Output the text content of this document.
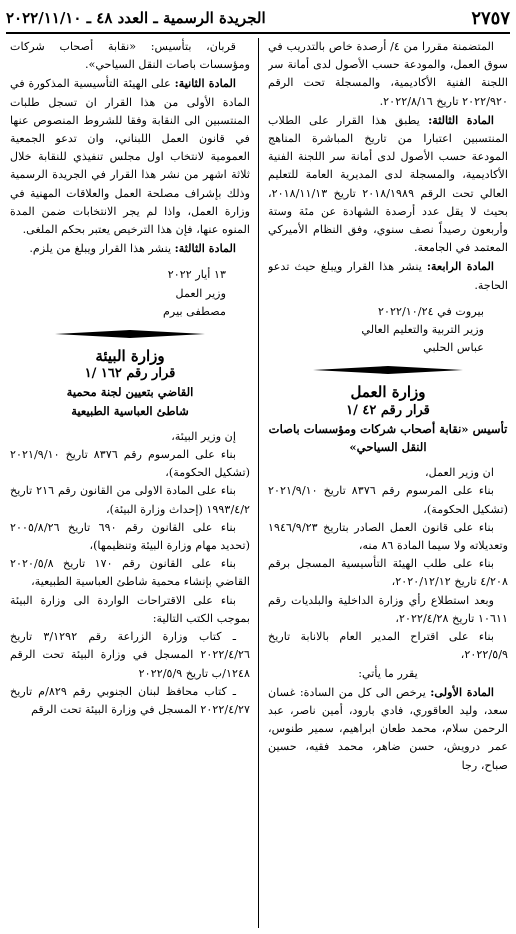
الجريدة الرسمية ـ العدد ٤٨ ـ ٢٠٢٢/١١/١٠	٢٧٥٧

المتضمنة مقررا من ٤/ أرصدة خاص بالتدريب في سوق العمل، والمودعة حسب الأصول لدى أمانة سر اللجنة الفنية الأكاديمية، والمسجلة تحت الرقم ٢٠٢٢/٩٢٠ تاريخ ٢٠٢٢/٨/١٦.

المادة الثالثة: يطبق هذا القرار على الطلاب المنتسبين اعتبارا من تاريخ المباشرة المناهج المودعة حسب الأصول لدى أمانة سر اللجنة الفنية الأكاديمية، والمسجلة لدى المديرية العامة للتعليم العالي تحت الرقم ٢٠١٨/١٩٨٩ تاريخ ٢٠١٨/١١/١٣، بحيث لا يقل عدد أرصدة الشهادة عن مئة وستة وأربعون رصيداً نصف سنوي، وفق النظام الأميركي المعتمد في الجامعة.

المادة الرابعة: ينشر هذا القرار ويبلغ حيث تدعو الحاجة.

بيروت في ٢٠٢٢/١٠/٢٤

وزير التربية والتعليم العالي

عباس الحلبي

وزارة العمل

قرار رقم ٤٢ /١

تأسيس «نقابة أصحاب شركات ومؤسسات باصات النقل السياحي»

ان وزير العمل،

بناء على المرسوم رقم ٨٣٧٦ تاريخ ٢٠٢١/٩/١٠ (تشكيل الحكومة)،

بناء على قانون العمل الصادر بتاريخ ١٩٤٦/٩/٢٣ وتعديلاته ولا سيما المادة ٨٦ منه،

بناء على طلب الهيئة التأسيسية المسجل برقم ٤/٢٠٨ تاريخ ٢٠٢٠/١٢/١٢،

وبعد استطلاع رأي وزارة الداخلية والبلديات رقم ١٠٦١١ تاريخ ٢٠٢٢/٤/٢٨،

بناء على اقتراح المدير العام بالانابة تاريخ ٢٠٢٢/٥/٩،

يقرر ما يأتي:

المادة الأولى: يرخص الى كل من السادة: غسان سعد، وليد العاقوري، فادي بارود، أمين ناصر، عبد الرحمن سلام، محمد طعان ابراهيم، سمير طنوس، عمر درويش، حسن ضاهر، محمد فقيه، حسين صباح، رجا

قربان، بتأسيس: «نقابة أصحاب شركات ومؤسسات باصات النقل السياحي».

المادة الثانية: على الهيئة التأسيسية المذكورة في المادة الأولى من هذا القرار ان تسجل طلبات المنتسبين الى النقابة وفقا للشروط المنصوص عنها في قانون العمل اللبناني، وان تدعو الجمعية العمومية لانتخاب اول مجلس تنفيذي للنقابة خلال ثلاثة اشهر من نشر هذا القرار في الجريدة الرسمية وذلك بإشراف مصلحة العمل والعلاقات المهنية في وزارة العمل، واذا لم يجر الانتخابات ضمن المدة المنوه عنها، فإن هذا الترخيص يعتبر بحكم الملغى.

المادة الثالثة: ينشر هذا القرار ويبلغ من يلزم.

١٣ أيار ٢٠٢٢

وزير العمل

مصطفى بيرم

وزارة البيئة

قرار رقم ١٦٢ /١

القاضي بتعيين لجنة محمية

شاطئ العباسية الطبيعية

إن وزير البيئة،

بناء على المرسوم رقم ٨٣٧٦ تاريخ ٢٠٢١/٩/١٠ (تشكيل الحكومة)،

بناء على المادة الاولى من القانون رقم ٢١٦ تاريخ ١٩٩٣/٤/٢ (إحداث وزارة البيئة)،

بناء على القانون رقم ٦٩٠ تاريخ ٢٠٠٥/٨/٢٦ (تحديد مهام وزارة البيئة وتنظيمها)،

بناء على القانون رقم ١٧٠ تاريخ ٢٠٢٠/٥/٨ القاضي بإنشاء محمية شاطئ العباسية الطبيعية،

بناء على الاقتراحات الواردة الى وزارة البيئة بموجب الكتب التالية:

ـ كتاب وزارة الزراعة رقم ٣/١٢٩٢ تاريخ ٢٠٢٢/٤/٢٦ المسجل في وزارة البيئة تحت الرقم ١٢٤٨/ب تاريخ ٢٠٢٢/٥/٩

ـ كتاب محافظ لبنان الجنوبي رقم ٨٢٩/م تاريخ ٢٠٢٢/٤/٢٧ المسجل في وزارة البيئة تحت الرقم
